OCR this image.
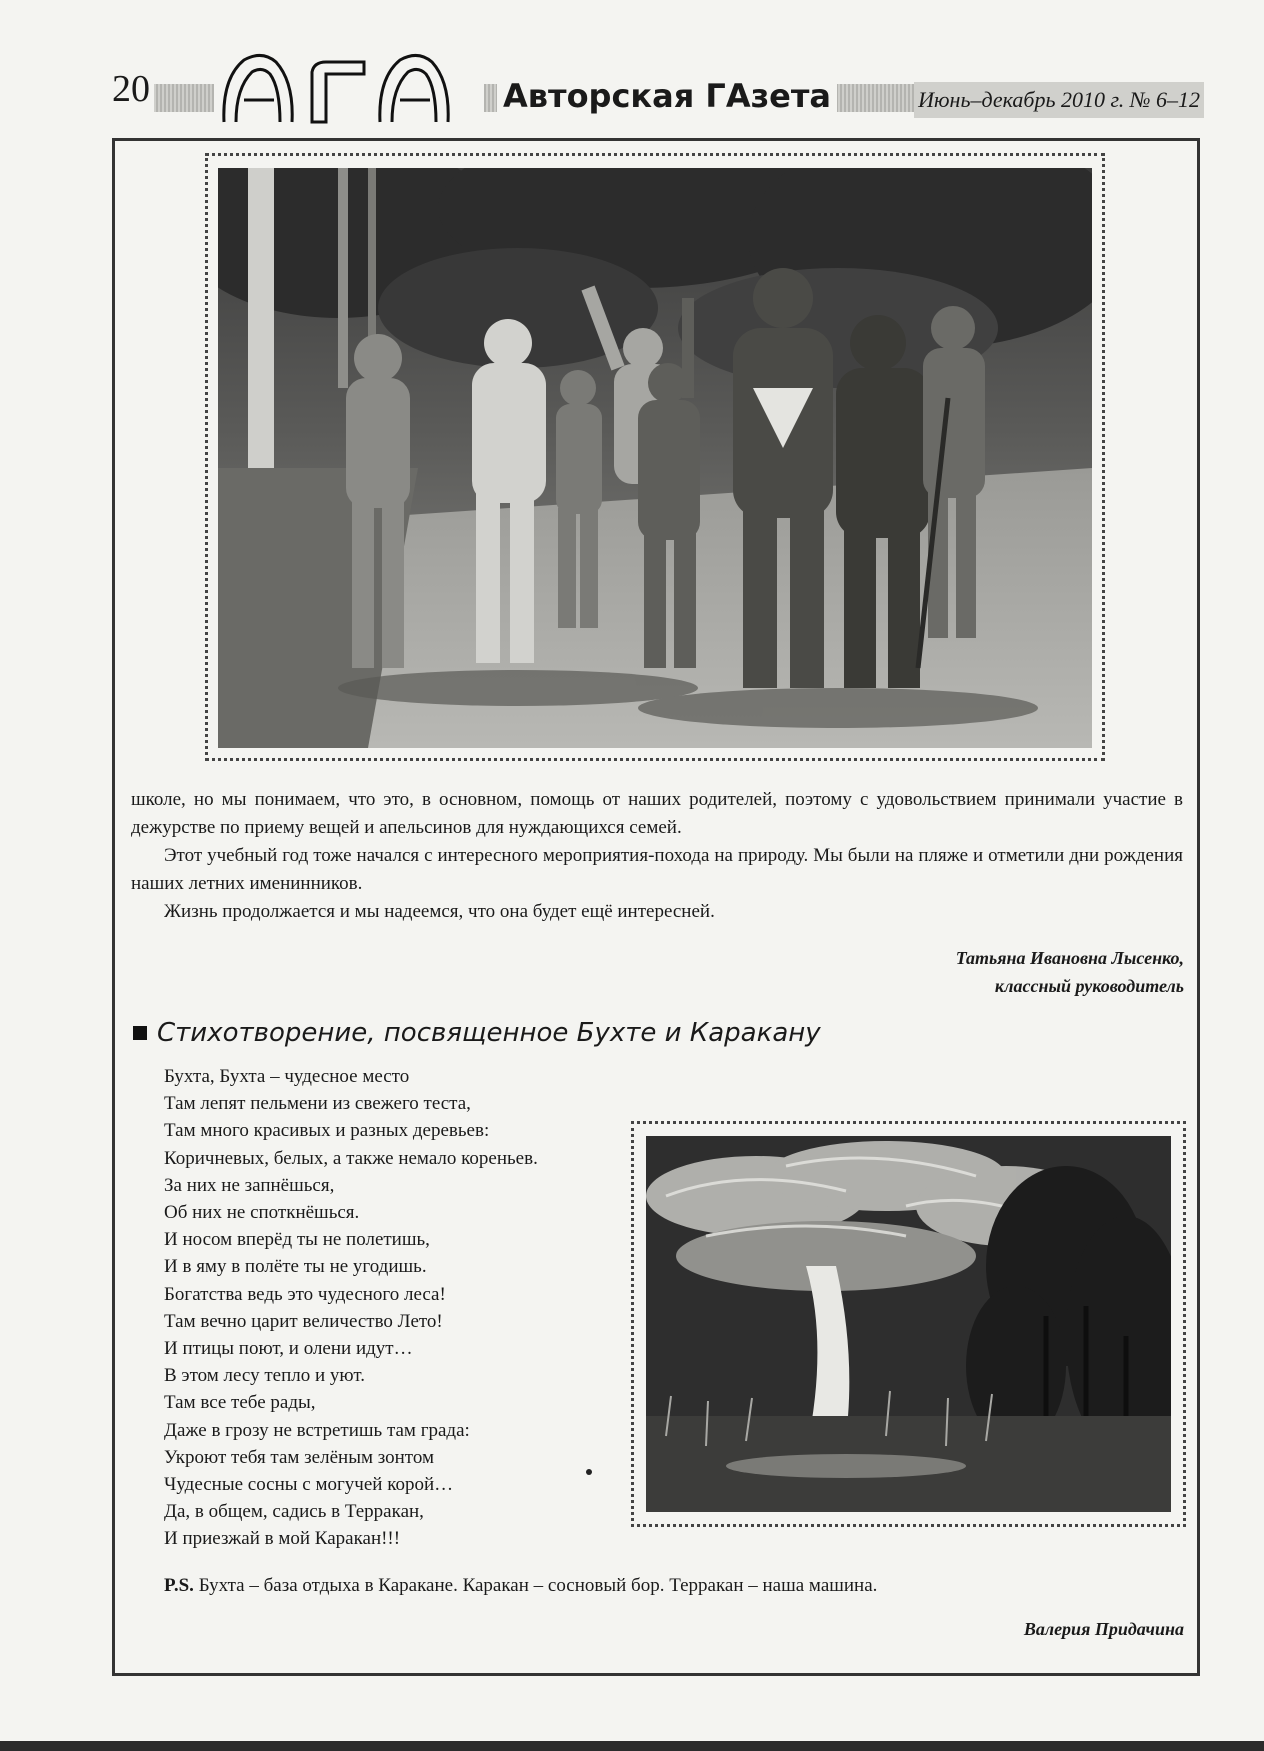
20	Авторская ГАзета	Июнь–декабрь 2010 г. № 6–12

школе, но мы понимаем, что это, в основном, помощь от наших родителей, поэтому с удовольствием принимали участие в дежурстве по приему вещей и апельсинов для нуждающихся семей.

Этот учебный год тоже начался с интересного мероприятия-похода на природу. Мы были на пляже и отметили дни рождения наших летних именинников.

Жизнь продолжается и мы надеемся, что она будет ещё интересней.

Татьяна Ивановна Лысенко,
классный руководитель
Стихотворение, посвященное Бухте и Каракану
Бухта, Бухта – чудесное место
Там лепят пельмени из свежего теста,
Там много красивых и разных деревьев:
Коричневых, белых, а также немало кореньев.
За них не запнёшься,
Об них не споткнёшься.
И носом вперёд ты не полетишь,
И в яму в полёте ты не угодишь.
Богатства ведь это чудесного леса!
Там вечно царит величество Лето!
И птицы поют, и олени идут…
В этом лесу тепло и уют.
Там все тебе рады,
Даже в грозу не встретишь там града:
Укроют тебя там зелёным зонтом
Чудесные сосны с могучей корой…
Да, в общем, садись в Терракан,
И приезжай в мой Каракан!!!
P.S. Бухта – база отдыха в Каракане. Каракан – сосновый бор. Терракан – наша машина.
Валерия Придачина
